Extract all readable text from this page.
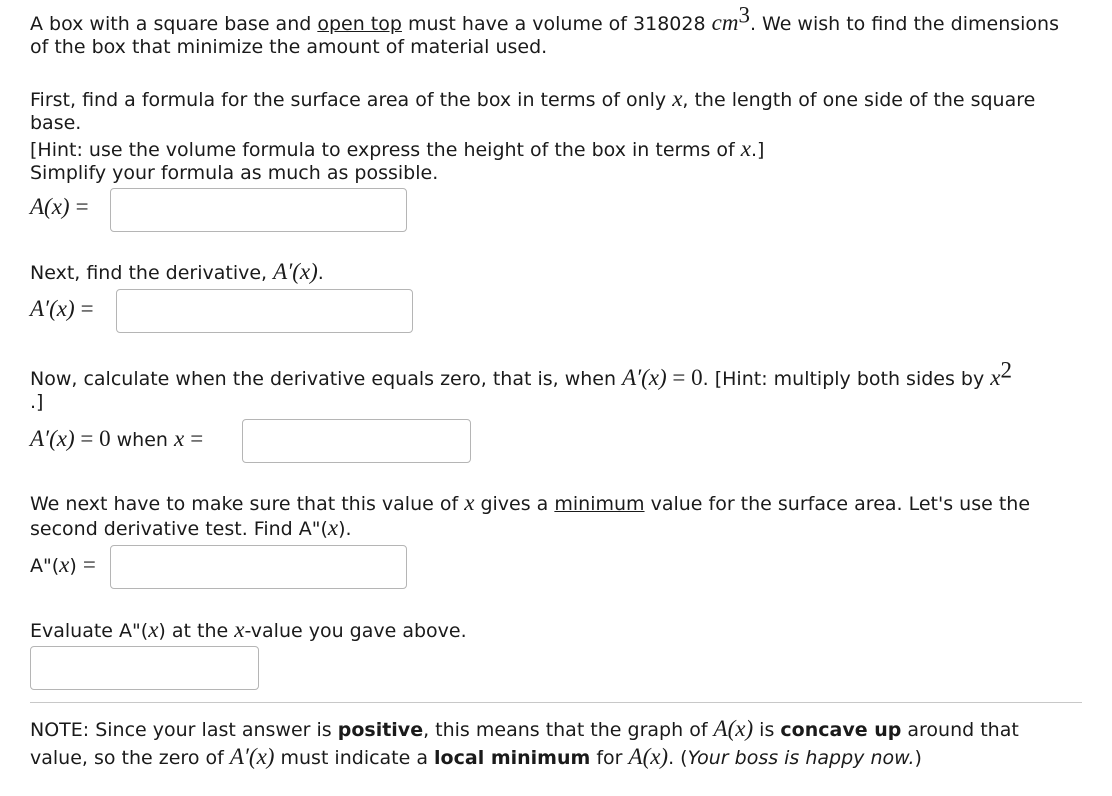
A box with a square base and open top must have a volume of 318028 $cm^3$. We wish to find the dimensions
of the box that minimize the amount of material used.
First, find a formula for the surface area of the box in terms of only x, the length of one side of the square
base.
[Hint: use the volume formula to express the height of the box in terms of x.]
Simplify your formula as much as possible.
A(x) =
Next, find the derivative, A′(x).
A′(x) =
Now, calculate when the derivative equals zero, that is, when A′(x) = 0. [Hint: multiply both sides by $x^2$
.]
A′(x) = 0 when x =
We next have to make sure that this value of x gives a minimum value for the surface area. Let's use the
second derivative test. Find A"(x).
A"(x) =
Evaluate A"(x) at the x-value you gave above.
NOTE: Since your last answer is positive, this means that the graph of A(x) is concave up around that
value, so the zero of A′(x) must indicate a local minimum for A(x). (Your boss is happy now.)
